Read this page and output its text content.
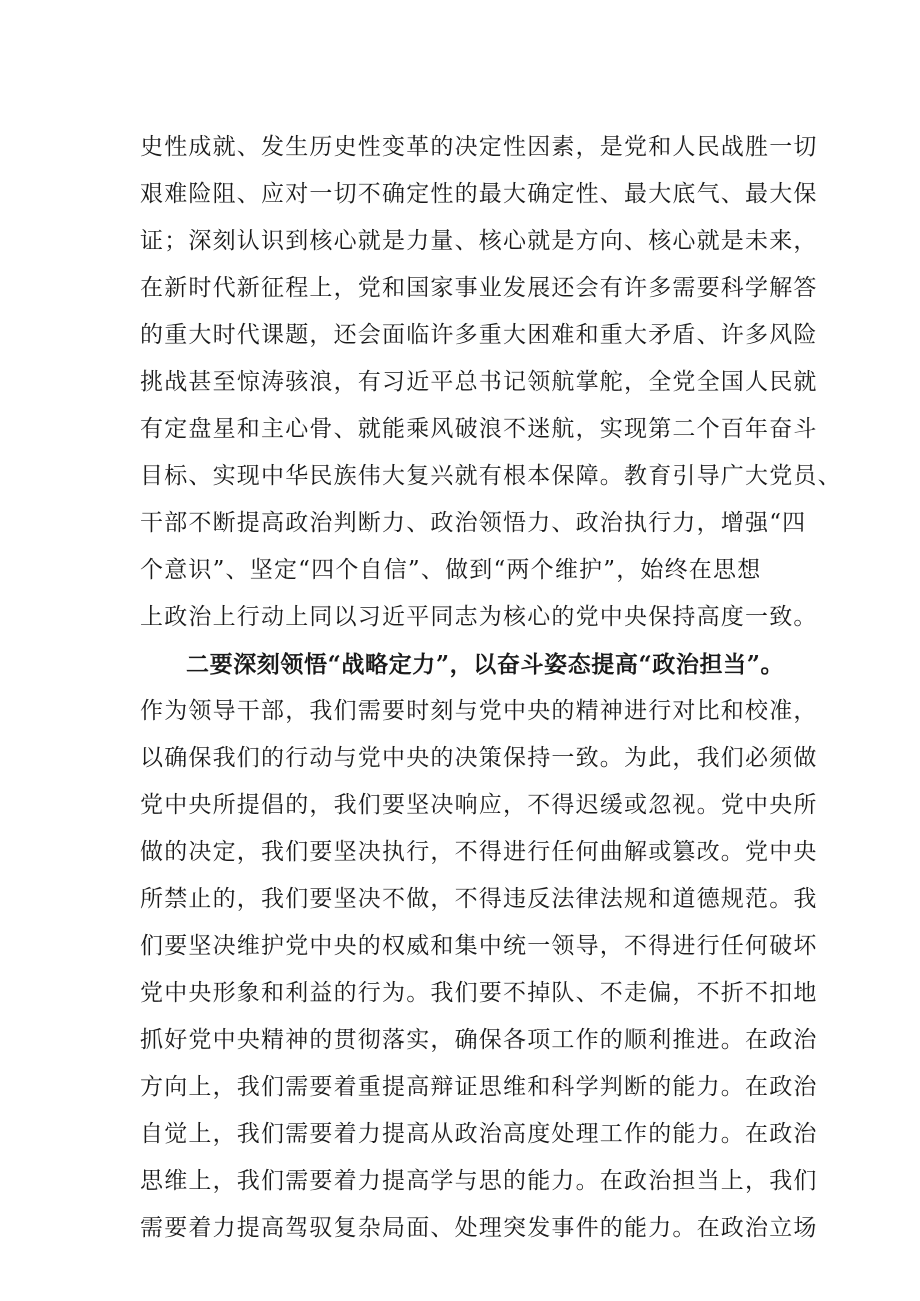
史性成就、发生历史性变革的决定性因素，是党和人民战胜一切
艰难险阻、应对一切不确定性的最大确定性、最大底气、最大保
证；深刻认识到核心就是力量、核心就是方向、核心就是未来，
在新时代新征程上，党和国家事业发展还会有许多需要科学解答
的重大时代课题，还会面临许多重大困难和重大矛盾、许多风险
挑战甚至惊涛骇浪，有习近平总书记领航掌舵，全党全国人民就
有定盘星和主心骨、就能乘风破浪不迷航，实现第二个百年奋斗
目标、实现中华民族伟大复兴就有根本保障。教育引导广大党员、
干部不断提高政治判断力、政治领悟力、政治执行力，增强“四
个意识”、坚定“四个自信”、做到“两个维护”，始终在思想
上政治上行动上同以习近平同志为核心的党中央保持高度一致。
二要深刻领悟“战略定力”，以奋斗姿态提高“政治担当”。
作为领导干部，我们需要时刻与党中央的精神进行对比和校准，
以确保我们的行动与党中央的决策保持一致。为此，我们必须做
党中央所提倡的，我们要坚决响应，不得迟缓或忽视。党中央所
做的决定，我们要坚决执行，不得进行任何曲解或篡改。党中央
所禁止的，我们要坚决不做，不得违反法律法规和道德规范。我
们要坚决维护党中央的权威和集中统一领导，不得进行任何破坏
党中央形象和利益的行为。我们要不掉队、不走偏，不折不扣地
抓好党中央精神的贯彻落实，确保各项工作的顺利推进。在政治
方向上，我们需要着重提高辩证思维和科学判断的能力。在政治
自觉上，我们需要着力提高从政治高度处理工作的能力。在政治
思维上，我们需要着力提高学与思的能力。在政治担当上，我们
需要着力提高驾驭复杂局面、处理突发事件的能力。在政治立场
